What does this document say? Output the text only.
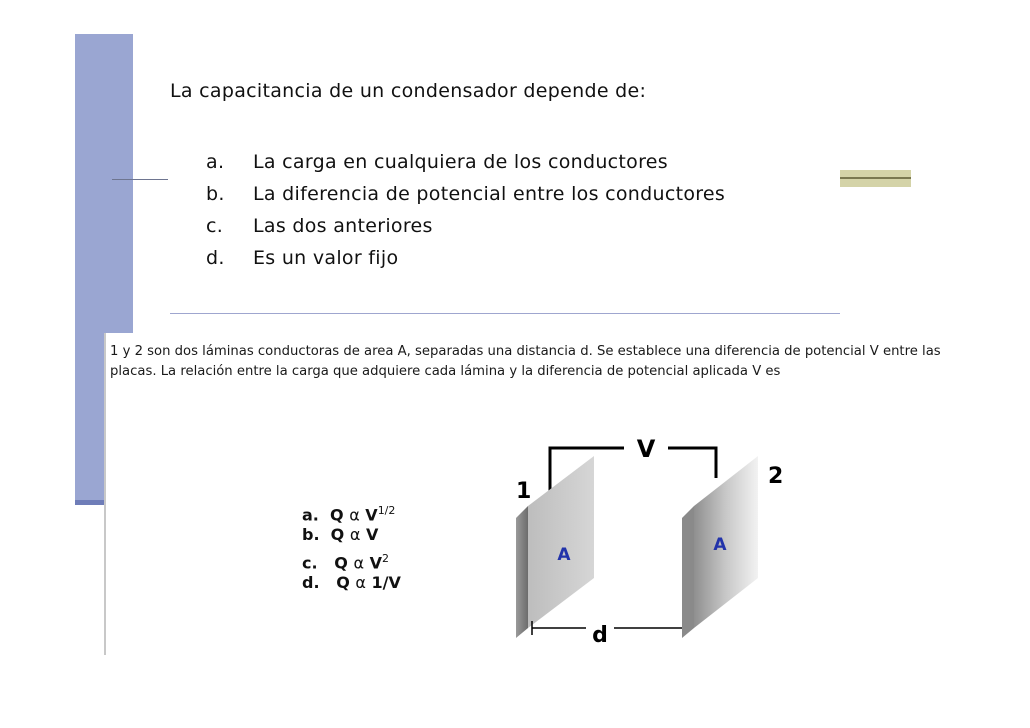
La capacitancia de un condensador depende de:
a. La carga en cualquiera de los conductores
b. La diferencia de potencial entre los conductores
c. Las dos anteriores
d. Es un valor fijo
1 y 2 son dos láminas conductoras de area A, separadas una distancia d. Se establece una diferencia de potencial V entre las placas. La relación entre la carga que adquiere cada lámina y la diferencia de potencial aplicada V es
a.  Q α $V^{1/2}$
b.  Q α V
c.   Q α $V^2$
d.   Q α 1/V
V
1
A
2
A
d
